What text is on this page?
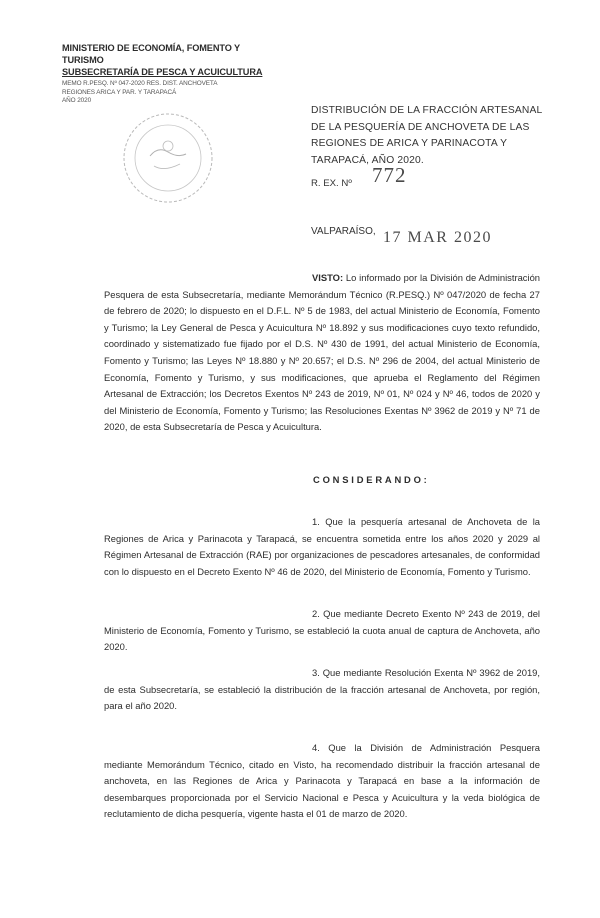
MINISTERIO DE ECONOMÍA, FOMENTO Y TURISMO
SUBSECRETARÍA DE PESCA Y ACUICULTURA
MEMO R.PESQ. Nº 047-2020 RES. DIST. ANCHOVETA
REGIONES ARICA Y PAR. Y TARAPACÁ
AÑO 2020
DISTRIBUCIÓN DE LA FRACCIÓN ARTESANAL DE LA PESQUERÍA DE ANCHOVETA DE LAS REGIONES DE ARICA Y PARINACOTA Y TARAPACÁ, AÑO 2020.
R. EX. Nº 772
VALPARAÍSO, 17 MAR 2020
VISTO: Lo informado por la División de Administración Pesquera de esta Subsecretaría, mediante Memorándum Técnico (R.PESQ.) Nº 047/2020 de fecha 27 de febrero de 2020; lo dispuesto en el D.F.L. Nº 5 de 1983, del actual Ministerio de Economía, Fomento y Turismo; la Ley General de Pesca y Acuicultura Nº 18.892 y sus modificaciones cuyo texto refundido, coordinado y sistematizado fue fijado por el D.S. Nº 430 de 1991, del actual Ministerio de Economía, Fomento y Turismo; las Leyes Nº 18.880 y Nº 20.657; el D.S. Nº 296 de 2004, del actual Ministerio de Economía, Fomento y Turismo, y sus modificaciones, que aprueba el Reglamento del Régimen Artesanal de Extracción; los Decretos Exentos Nº 243 de 2019, Nº 01, Nº 024 y Nº 46, todos de 2020 y del Ministerio de Economía, Fomento y Turismo; las Resoluciones Exentas Nº 3962 de 2019 y Nº 71 de 2020, de esta Subsecretaría de Pesca y Acuicultura.
CONSIDERANDO:
1. Que la pesquería artesanal de Anchoveta de la Regiones de Arica y Parinacota y Tarapacá, se encuentra sometida entre los años 2020 y 2029 al Régimen Artesanal de Extracción (RAE) por organizaciones de pescadores artesanales, de conformidad con lo dispuesto en el Decreto Exento Nº 46 de 2020, del Ministerio de Economía, Fomento y Turismo.
2. Que mediante Decreto Exento Nº 243 de 2019, del Ministerio de Economía, Fomento y Turismo, se estableció la cuota anual de captura de Anchoveta, año 2020.
3. Que mediante Resolución Exenta Nº 3962 de 2019, de esta Subsecretaría, se estableció la distribución de la fracción artesanal de Anchoveta, por región, para el año 2020.
4. Que la División de Administración Pesquera mediante Memorándum Técnico, citado en Visto, ha recomendado distribuir la fracción artesanal de anchoveta, en las Regiones de Arica y Parinacota y Tarapacá en base a la información de desembarques proporcionada por el Servicio Nacional e Pesca y Acuicultura y la veda biológica de reclutamiento de dicha pesquería, vigente hasta el 01 de marzo de 2020.
